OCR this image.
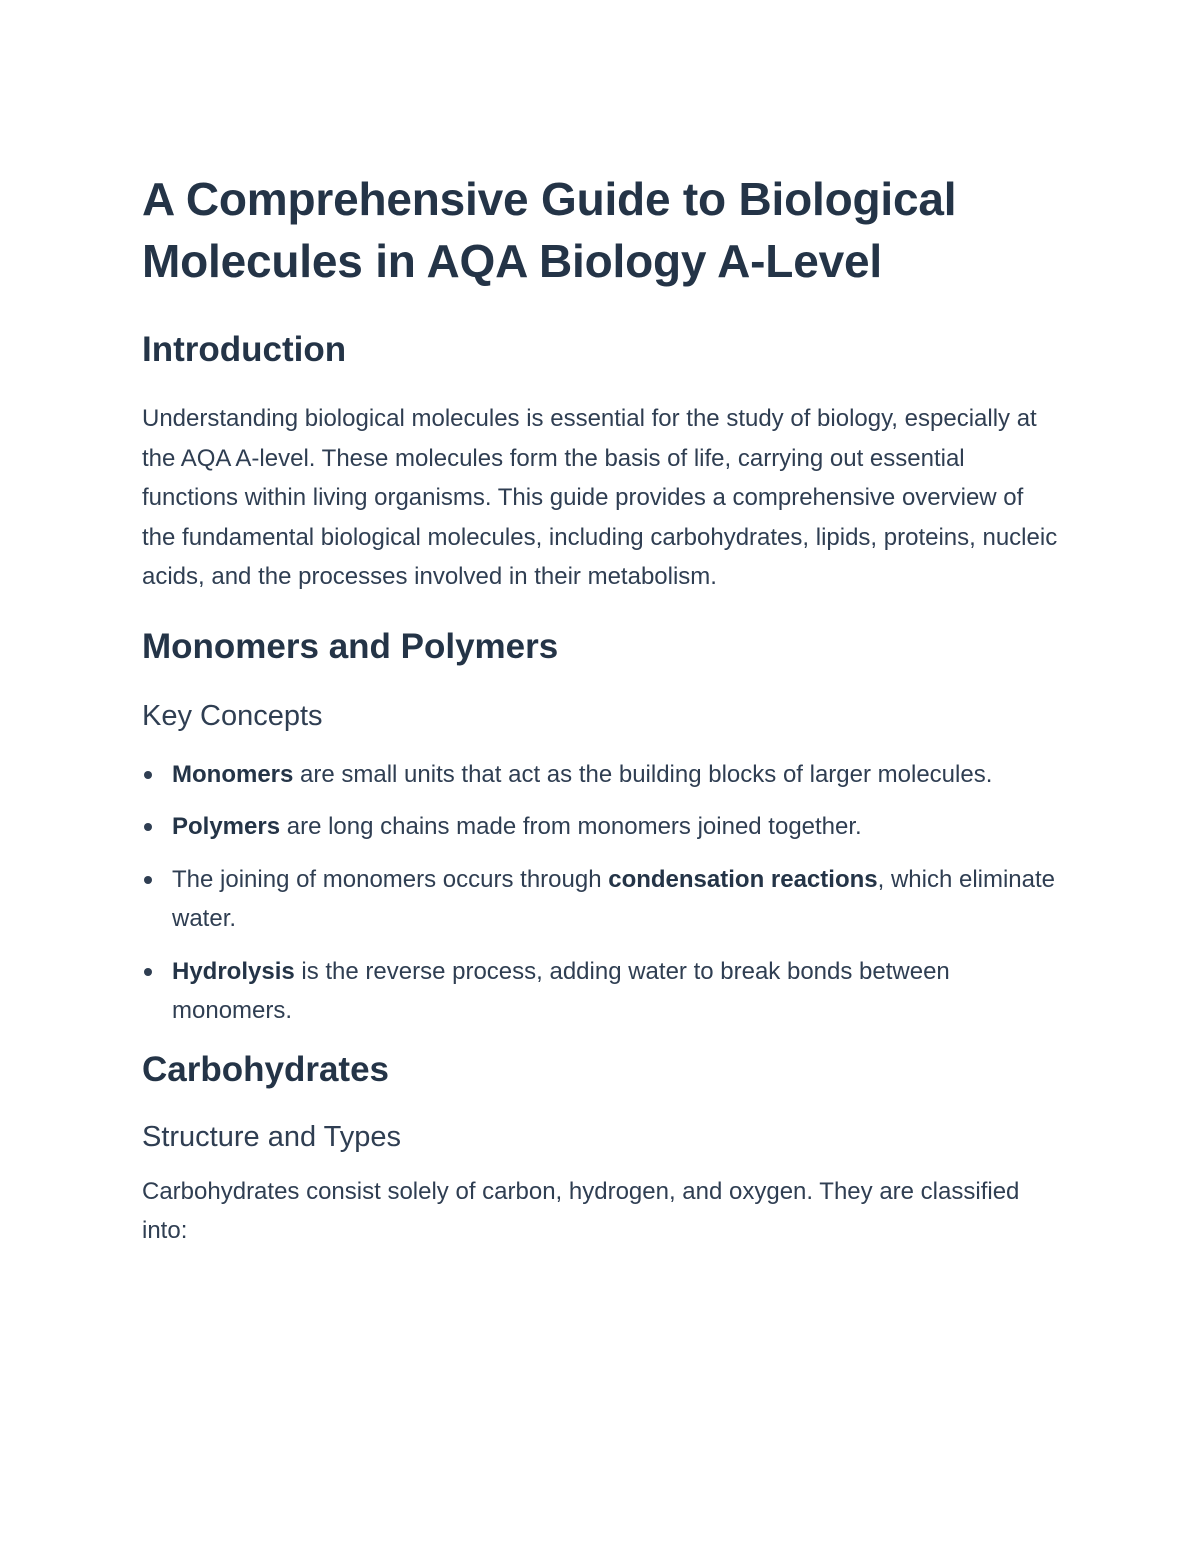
A Comprehensive Guide to Biological
Molecules in AQA Biology A-Level
Introduction

Understanding biological molecules is essential for the study of biology, especially at the AQA A-level. These molecules form the basis of life, carrying out essential functions within living organisms. This guide provides a comprehensive overview of the fundamental biological molecules, including carbohydrates, lipids, proteins, nucleic acids, and the processes involved in their metabolism.

Monomers and Polymers
Key Concepts
Monomers are small units that act as the building blocks of larger molecules.
Polymers are long chains made from monomers joined together.
The joining of monomers occurs through condensation reactions, which eliminate water.
Hydrolysis is the reverse process, adding water to break bonds between monomers.
Carbohydrates
Structure and Types

Carbohydrates consist solely of carbon, hydrogen, and oxygen. They are classified into:
